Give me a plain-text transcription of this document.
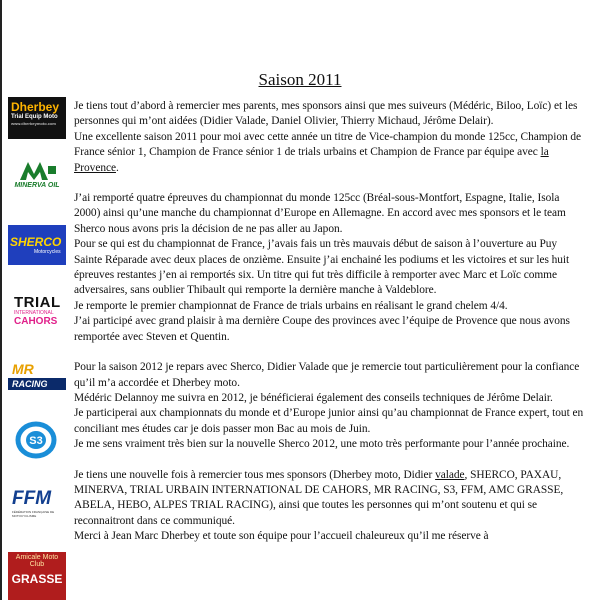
Saison 2011
Dherbey
Trial Equip Moto
www.dherbeymoto.com
MINERVA OIL
SHERCO
Motorcycles
TRIAL
INTERNATIONAL
CAHORS
MR
RACING
S3
FFM
FÉDÉRATION FRANÇAISE DE MOTOCYCLISME
Amicale Moto Club
GRASSE

Je tiens tout d’abord à remercier mes parents, mes sponsors ainsi que mes suiveurs (Médéric, Biloo, Loïc) et les personnes qui m’ont aidées (Didier Valade, Daniel Olivier, Thierry Michaud, Jérôme Delair).

Une excellente saison 2011 pour moi avec cette année un titre de Vice-champion du monde 125cc, Champion de France sénior 1, Champion de France sénior 1 de trials urbains et Champion de France par équipe avec la Provence.

J’ai remporté quatre épreuves du championnat du monde 125cc (Bréal-sous-Montfort, Espagne, Italie, Isola 2000) ainsi qu’une manche du championnat d’Europe en Allemagne. En accord avec mes sponsors et le team Sherco nous avons pris la décision de ne pas aller au Japon.

Pour se qui est du championnat de France, j’avais fais un très mauvais début de saison à l’ouverture au Puy Sainte Réparade avec deux places de onzième. Ensuite j’ai enchainé les podiums et les victoires et sur les huit épreuves restantes j’en ai remportés six. Un titre qui fut très difficile à remporter avec Marc et Loïc comme adversaires, sans oublier Thibault qui remporte la dernière manche à Valdeblore.

Je remporte le premier championnat de France de trials urbains en réalisant le grand chelem 4/4.

J’ai participé avec grand plaisir à ma dernière Coupe des provinces avec l’équipe de Provence que nous avons remportée avec Steven et Quentin.

Pour la saison 2012 je repars avec Sherco, Didier Valade que je remercie tout particulièrement pour la confiance qu’il m’a accordée et Dherbey moto.

Médéric Delannoy me suivra en 2012, je bénéficierai également des conseils techniques de Jérôme Delair.

Je participerai aux championnats du monde et d’Europe junior ainsi qu’au championnat de France expert, tout en conciliant mes études car je dois passer mon Bac au mois de Juin.

Je me sens vraiment très bien sur la nouvelle Sherco 2012, une moto très performante pour l’année prochaine.

Je tiens une nouvelle fois à remercier tous mes sponsors (Dherbey moto, Didier valade, SHERCO, PAXAU, MINERVA, TRIAL URBAIN INTERNATIONAL DE CAHORS, MR RACING, S3, FFM, AMC GRASSE, ABELA, HEBO, ALPES TRIAL RACING), ainsi que toutes les personnes qui m’ont soutenu et qui se reconnaitront dans ce communiqué.

Merci à Jean Marc Dherbey et toute son équipe pour l’accueil chaleureux qu’il me réserve à
